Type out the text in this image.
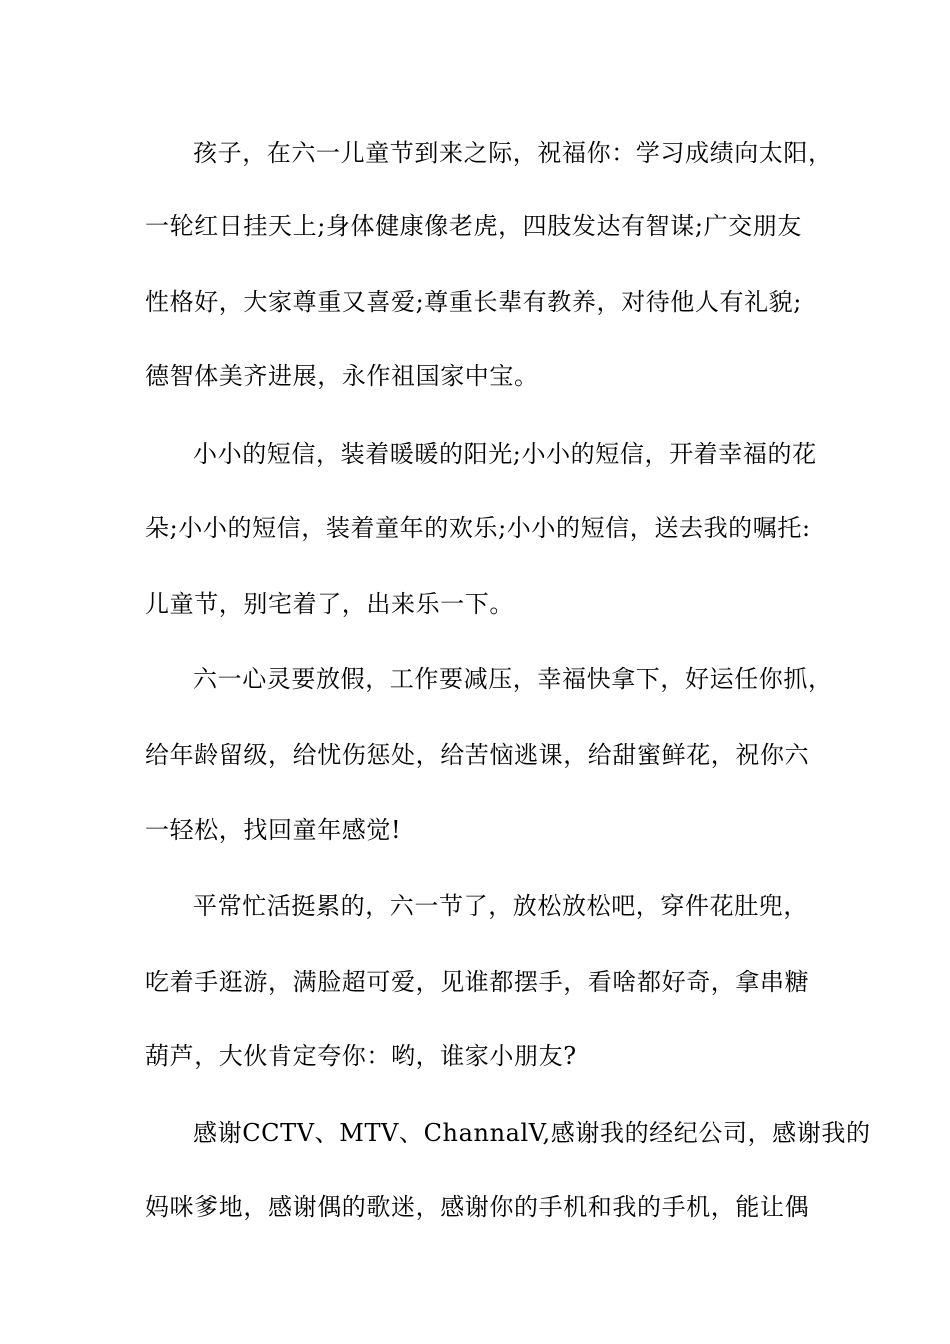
孩子，在六一儿童节到来之际，祝福你：学习成绩向太阳，
一轮红日挂天上;身体健康像老虎，四肢发达有智谋;广交朋友
性格好，大家尊重又喜爱;尊重长辈有教养，对待他人有礼貌;
德智体美齐进展，永作祖国家中宝。
小小的短信，装着暖暖的阳光;小小的短信，开着幸福的花
朵;小小的短信，装着童年的欢乐;小小的短信，送去我的嘱托:
儿童节，别宅着了，出来乐一下。
六一心灵要放假，工作要减压，幸福快拿下，好运任你抓，
给年龄留级，给忧伤惩处，给苦恼逃课，给甜蜜鲜花，祝你六
一轻松，找回童年感觉!
平常忙活挺累的，六一节了，放松放松吧，穿件花肚兜，
吃着手逛游，满脸超可爱，见谁都摆手，看啥都好奇，拿串糖
葫芦，大伙肯定夸你：哟，谁家小朋友?
感谢CCTV、MTV、ChannalV,感谢我的经纪公司，感谢我的
妈咪爹地，感谢偶的歌迷，感谢你的手机和我的手机，能让偶
